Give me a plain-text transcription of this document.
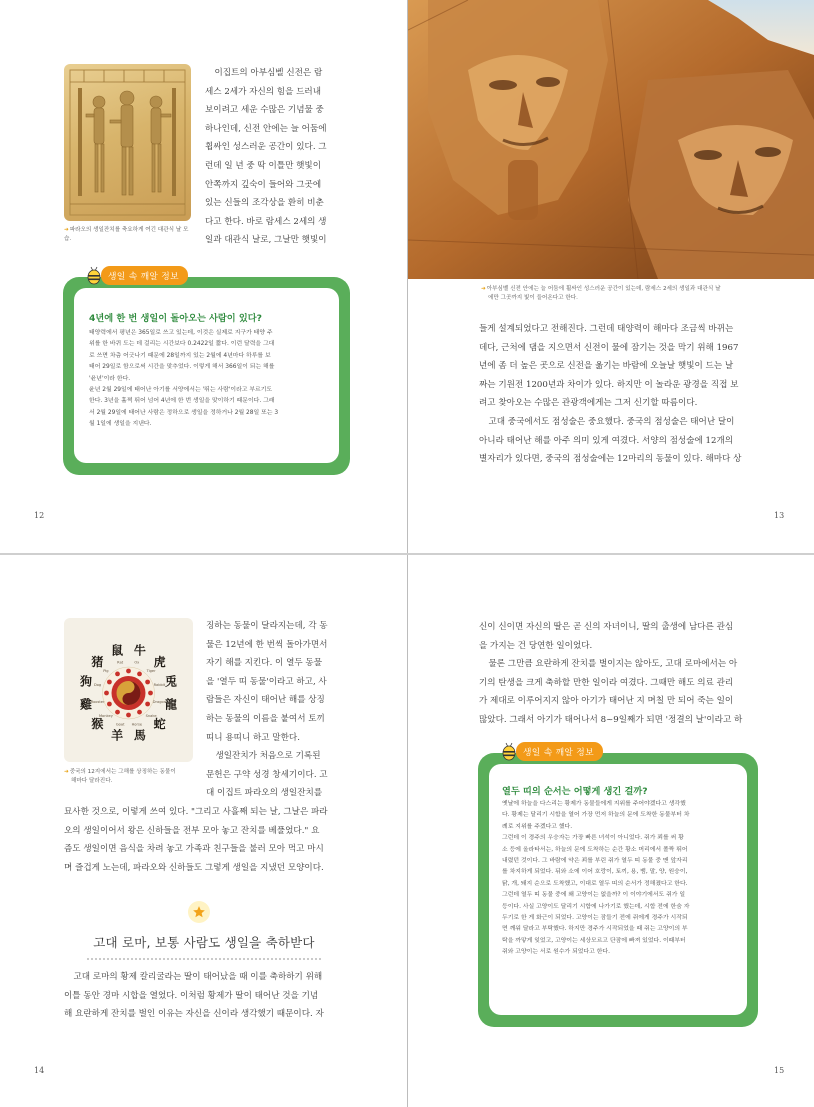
➜파라오의 생일잔치를 축요하게 여긴 대관식 날 모습.

이집트의 아부심벨 신전은 람

세스 2세가 자신의 힘을 드러내

보이려고 세운 수많은 기념물 중

하나인데, 신전 안에는 늘 어둠에

휩싸인 성스러운 공간이 있다. 그

런데 일 년 중 딱 이틀만 햇빛이

안쪽까지 깊숙이 들어와 그곳에

있는 신들의 조각상을 환히 비춘

다고 한다. 바로 람세스 2세의 생

일과 대관식 날로, 그날만 햇빛이

생일 속 깨알 정보
4년에 한 번 생일이 돌아오는 사람이 있다?
태양력에서 평년은 365일로 쓰고 있는데, 이것은 실제로 지구가 태양 주
위를 한 바퀴 도는 데 걸리는 시간보다 0.2422일 짧다. 이런 달력을 그대
로 쓰면 차츰 어긋나기 때문에 28일까지 있는 2월에 4년마다 하루를 보
태어 29일로 함으로써 시간을 맞추었다. 이렇게 해서 366일이 되는 해를
'윤년'이라 한다.
윤년 2월 29일에 태어난 아기를 서양에서는 '뛰는 사람'이라고 부르기도
한다. 3년을 훌쩍 뛰어 넘어 4년에 한 번 생일을 맞이하기 때문이다. 그래
서 2월 29일에 태어난 사람은 정하으로 생일을 정하거나 2월 28일 또는 3
월 1일에 생일을 지낸다.
12
➜아부심벨 신전 안에는 늘 어둠에 휩싸인 성스러운 공간이 있는데, 람세스 2세의 생일과 대관식 날
에만 그곳까지 빛이 들어온다고 한다.

들게 설계되었다고 전해진다. 그런데 태양력이 해마다 조금씩 바뀌는

데다, 근처에 댐을 지으면서 신전이 물에 잠기는 것을 막기 위해 1967

년에 좀 더 높은 곳으로 신전을 옮기는 바람에 오늘날 햇빛이 드는 날

짜는 기원전 1200년과 차이가 있다. 하지만 이 놀라운 광경을 직접 보

려고 찾아오는 수많은 관광객에게는 그저 신기할 따름이다.

고대 중국에서도 점성술은 중요했다. 중국의 점성술은 태어난 달이

아니라 태어난 해를 아주 의미 있게 여겼다. 서양의 점성술에 12개의

별자리가 있다면, 중국의 점성술에는 12마리의 동물이 있다. 해마다 상

13
鼠
Rat
牛
Ox 虎
Tiger
兎
Rabbit
龍
Dragon
蛇
Snake
馬
Horse
羊
Goat
猴
Monkey
雞
Rooster
狗 Dog
猪
Pig
➜중국의 12지에서는 그해를 상징하는 동물이
해마다 달라진다.

징하는 동물이 달라지는데, 각 동

물은 12년에 한 번씩 돌아가면서

자기 해를 지킨다. 이 열두 동물

을 '열두 띠 동물'이라고 하고, 사

람들은 자신이 태어난 해를 상징

하는 동물의 이름을 붙여서 토끼

띠니 용띠니 하고 말한다.

생일잔치가 처음으로 기록된

문헌은 구약 성경 창세기이다. 고

대 이집트 파라오의 생일잔치를

묘사한 것으로, 이렇게 쓰여 있다. "그리고 사흘째 되는 날, 그날은 파라

오의 생일이어서 왕은 신하들을 전부 모아 놓고 잔치를 베풀었다." 요

즘도 생일이면 음식을 차려 놓고 가족과 친구들을 불러 모아 먹고 마시

며 즐겁게 노는데, 파라오와 신하들도 그렇게 생일을 지냈던 모양이다.

고대 로마, 보통 사람도 생일을 축하받다

고대 로마의 황제 칼리굴라는 딸이 태어났을 때 이를 축하하기 위해

이틀 동안 경마 시합을 열었다. 이처럼 황제가 딸이 태어난 것을 기념

해 요란하게 잔치를 벌인 이유는 자신을 신이라 생각했기 때문이다. 자

14

신이 신이면 자신의 딸은 곧 신의 자녀이니, 딸의 출생에 남다른 관심

을 가지는 건 당연한 일이었다.

물론 그만큼 요란하게 잔치를 벌이지는 않아도, 고대 로마에서는 아

기의 탄생을 크게 축하할 만한 일이라 여겼다. 그때만 해도 의료 관리

가 제대로 이루어지지 않아 아기가 태어난 지 며칠 만 되어 죽는 일이

많았다. 그래서 아기가 태어나서 8~9일째가 되면 '정결의 날'이라고 하

생일 속 깨알 정보
열두 띠의 순서는 어떻게 생긴 걸까?
옛날에 하늘을 다스리는 황제가 동물들에게 지위를 주어야겠다고 생각했
다. 황제는 달리기 시합을 열어 가장 먼저 하늘의 문에 도착한 동물부터 차
례로 지위를 주겠다고 했다.
그런데 이 경주의 우승자는 가장 빠른 녀석이 아니었다. 쥐가 꾀를 써 황
소 등에 올라타서는, 하늘의 문에 도착하는 순간 황소 머리에서 폴짝 뛰어
내렸던 것이다. 그 바람에 약은 꾀를 부린 쥐가 열두 띠 동물 중 맨 앞자리
를 차지하게 되었다. 뒤와 소에 이어 호랑이, 토끼, 용, 뱀, 말, 양, 원숭이,
닭, 개, 돼지 순으로 도착했고, 이대로 열두 띠의 순서가 정해졌다고 한다.
그런데 열두 띠 동물 중에 왜 고양이는 없을까? 이 이야기에서도 쥐가 일
등이다. 사실 고양이도 달리기 시합에 나가기로 했는데, 시합 전에 한숨 자
두기로 한 게 화근이 되었다. 고양이는 잠들기 전에 쥐에게 경주가 시작되
면 깨워 달라고 부탁했다. 하지만 경주가 시작되었을 때 쥐는 고양이의 부
탁을 까맣게 잊었고, 고양이는 세상모르고 단잠에 빠져 있었다. 이때부터
쥐와 고양이는 서로 원수가 되었다고 한다.
15
